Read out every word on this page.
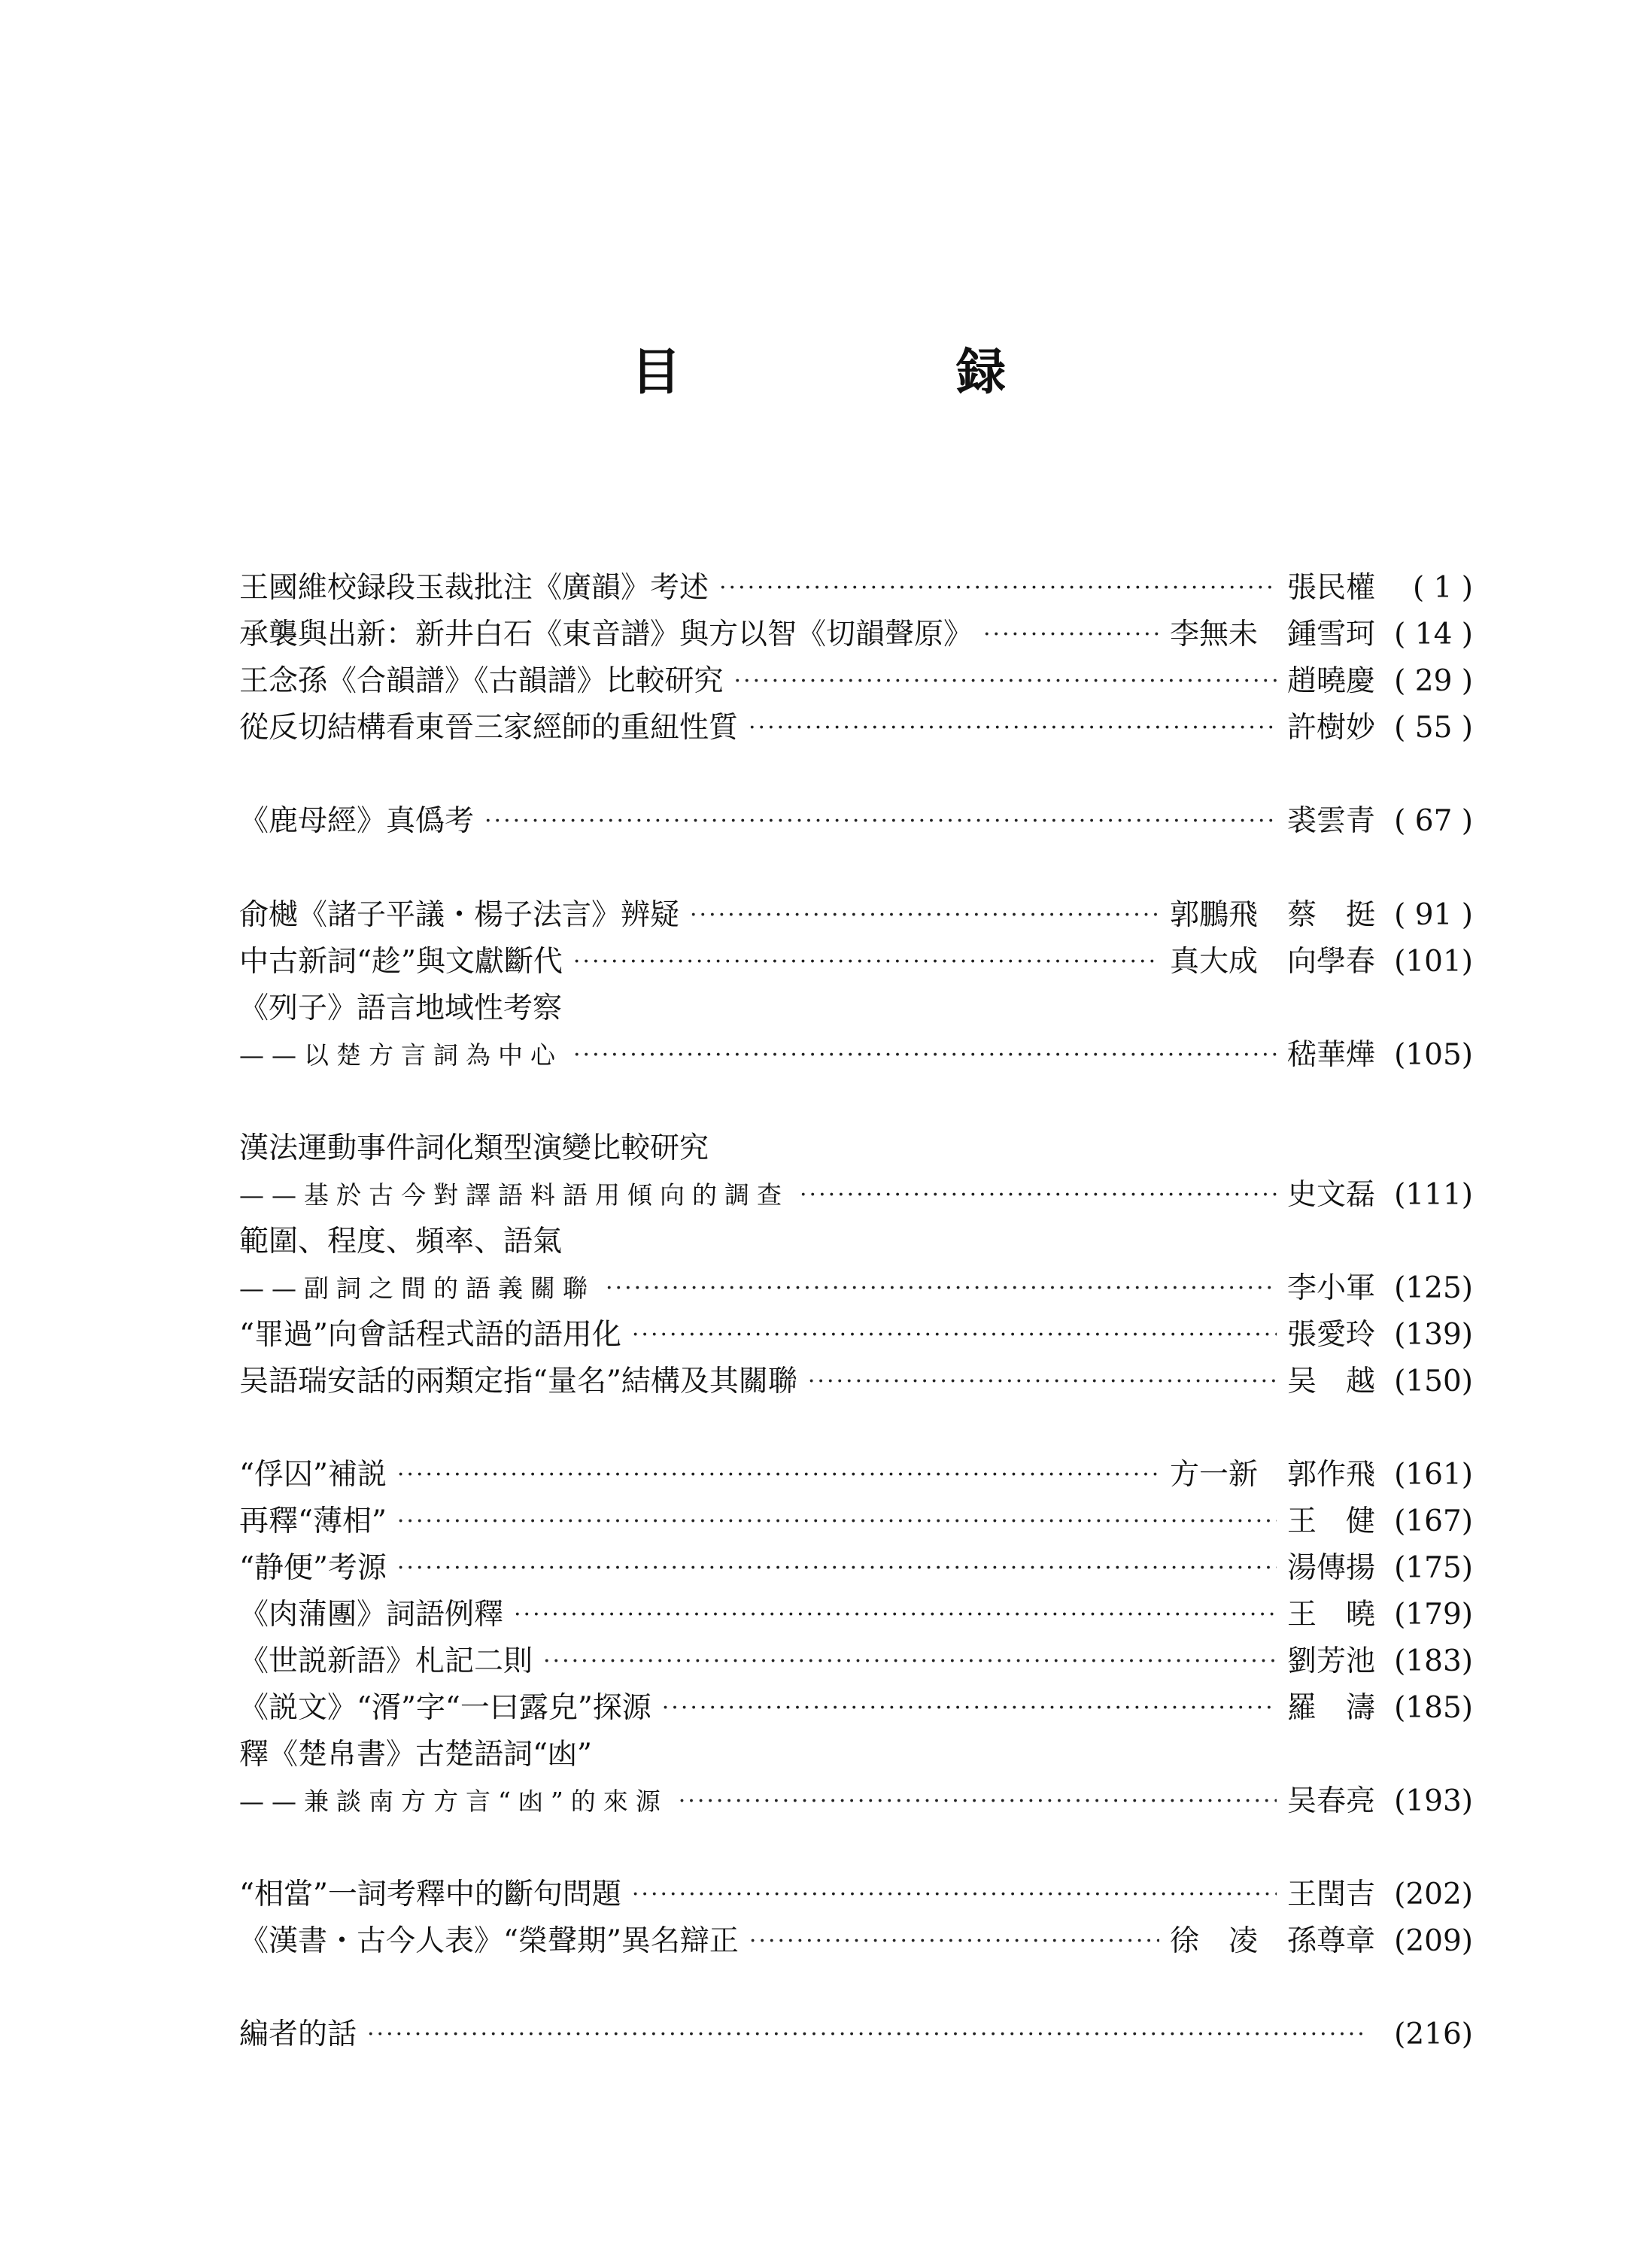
目　録
王國維校録段玉裁批注《廣韻》考述 ·····	張民權	( 1 )
承襲與出新：新井白石《東音譜》與方以智《切韻聲原》 ·····	李無未　鍾雪珂 ( 14 )
王念孫《合韻譜》《古韻譜》比較研究 ·····	趙曉慶 ( 29 )
從反切結構看東晉三家經師的重紐性質 ·····	許樹妙 ( 55 )
《鹿母經》真僞考 ·····	裘雲青 ( 67 )
俞樾《諸子平議・楊子法言》辨疑 ·····	郭鵬飛　蔡　挺 ( 91 )
中古新詞“趁”與文獻斷代 ·····	真大成　向學春 (101)
《列子》語言地域性考察
——以楚方言詞為中心 ·····	嵇華燁 (105)
漢法運動事件詞化類型演變比較研究
——基於古今對譯語料語用傾向的調查 ·····	史文磊 (111)
範圍、程度、頻率、語氣
——副詞之間的語義關聯 ·····	李小軍 (125)
“罪過”向會話程式語的語用化 ·····	張愛玲 (139)
吴語瑞安話的兩類定指“量名”結構及其關聯 ·····	吴　越 (150)
“俘囚”補説 ·····	方一新　郭作飛 (161)
再釋“薄相” ·····	王　健 (167)
“静便”考源 ·····	湯傳揚 (175)
《肉蒲團》詞語例釋 ·····	王　曉 (179)
《世説新語》札記二則 ·····	劉芳池 (183)
《説文》“湑”字“一曰露皃”探源 ·····	羅　濤 (185)
釋《楚帛書》古楚語詞“凼”
——兼談南方方言“凼”的來源 ·····	吴春亮 (193)
“相當”一詞考釋中的斷句問題 ·····	王閏吉 (202)
《漢書・古今人表》“榮聲期”異名辯正 ·····	徐　凌　孫尊章 (209)
編者的話 ·····	(216)
